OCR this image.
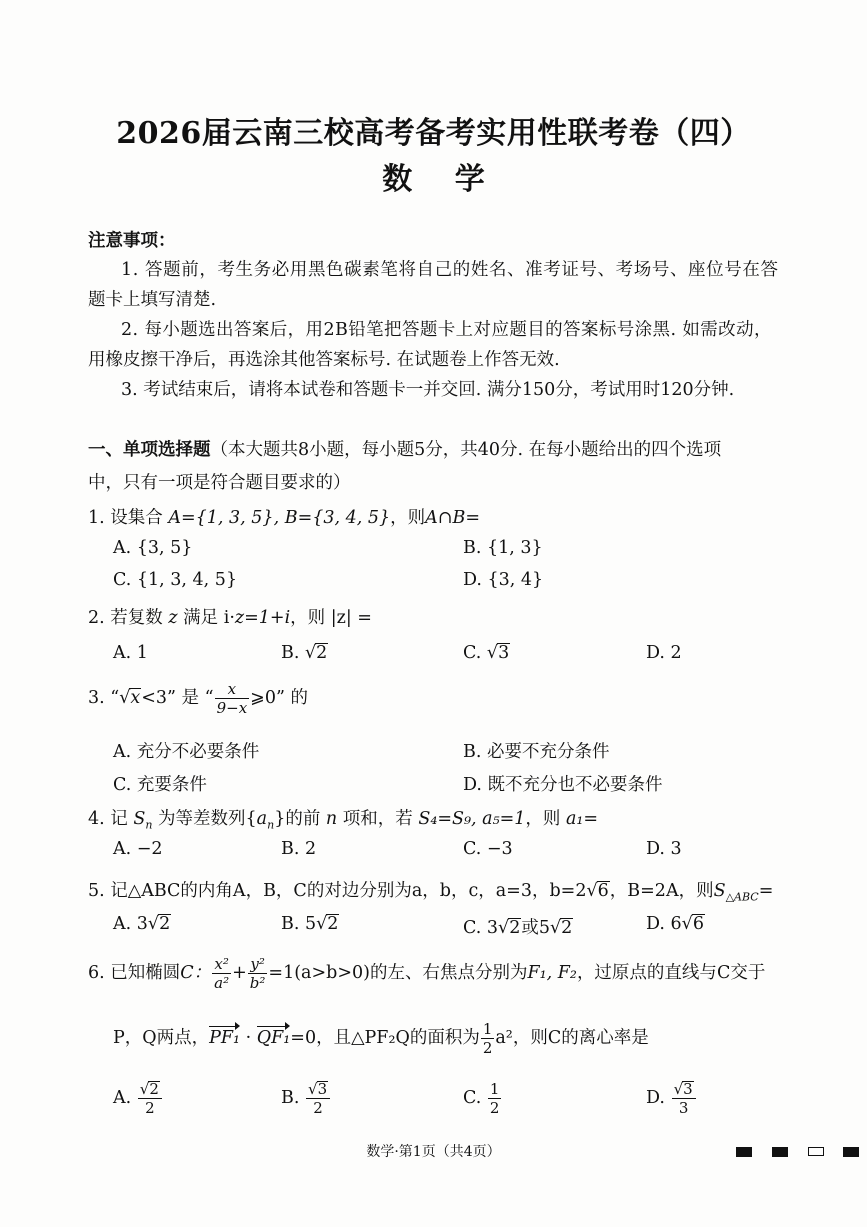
2026届云南三校高考备考实用性联考卷（四）
数 学
注意事项：
1. 答题前，考生务必用黑色碳素笔将自己的姓名、准考证号、考场号、座位号在答
题卡上填写清楚.
2. 每小题选出答案后，用2B铅笔把答题卡上对应题目的答案标号涂黑. 如需改动，
用橡皮擦干净后，再选涂其他答案标号. 在试题卷上作答无效.
3. 考试结束后，请将本试卷和答题卡一并交回. 满分150分，考试用时120分钟.
一、单项选择题（本大题共8小题，每小题5分，共40分. 在每小题给出的四个选项
中，只有一项是符合题目要求的）
1. 设集合 A={1, 3, 5}, B={3, 4, 5}，则A∩B=
A. {3, 5}	B. {1, 3}
C. {1, 3, 4, 5}	D. {3, 4}
2. 若复数 z 满足 i·z=1+i，则 |z| =
A. 1	B. √2	C. √3	D. 2
3. “√x<3” 是 “ $\frac{x}{9-x}$ ⩾0” 的
A. 充分不必要条件	B. 必要不充分条件
C. 充要条件	D. 既不充分也不必要条件
4. 记 $S_n$ 为等差数列$\{a_n\}$的前 n 项和，若 S₄=S₉, a₅=1，则 a₁=
A. −2	B. 2	C. −3	D. 3
5. 记△ABC的内角A，B，C的对边分别为a，b，c，a=3，b=2√6，B=2A，则$S_{\triangle ABC}=$
A. 3√2	B. 5√2	C. 3√2或5√2	D. 6√6
6. 已知椭圆C： $\frac{\text{x²}}{\text{a²}} + \frac{\text{y²}}{\text{b²}} =1(a>b>0)$的左、右焦点分别为F₁, F₂，过原点的直线与C交于
P，Q两点，PF₁ · QF₁=0，且△PF₂Q的面积为 $\frac{1}{2} a^2$，则C的离心率是
A. $\frac{√2}{2}$	B. $\frac{√3}{2}$	C. $\frac{1}{2}$	D. $\frac{√3}{3}$
数学·第1页（共4页）
